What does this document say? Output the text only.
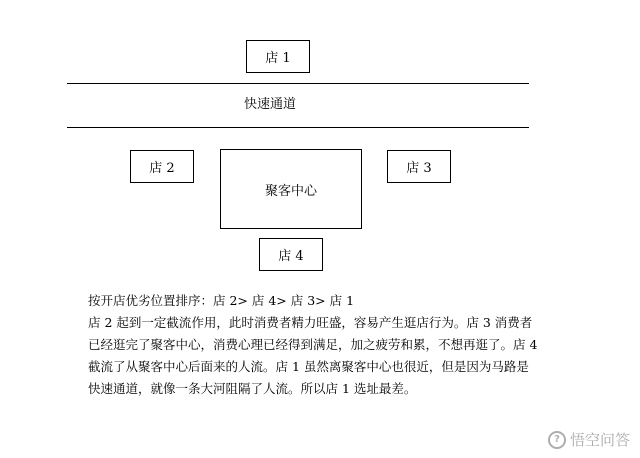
店 1
快速通道
店 2
聚客中心
店 3
店 4

按开店优劣位置排序：店 2> 店 4> 店 3> 店 1

店 2 起到一定截流作用，此时消费者精力旺盛，容易产生逛店行为。店 3 消费者

已经逛完了聚客中心，消费心理已经得到满足，加之疲劳和累，不想再逛了。店 4

截流了从聚客中心后面来的人流。店 1 虽然离聚客中心也很近，但是因为马路是

快速通道，就像一条大河阻隔了人流。所以店 1 选址最差。

? 悟空问答
